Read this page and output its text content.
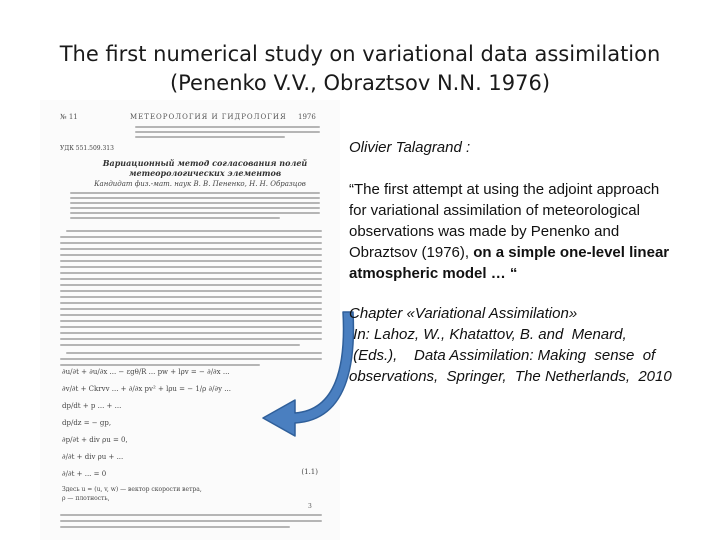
The first numerical study on variational data assimilation
(Penenko V.V., Obraztsov N.N. 1976)
№ 11	МЕТЕОРОЛОГИЯ И ГИДРОЛОГИЯ 1976
УДК 551.509.313
Вариационный метод согласования полей
метеорологических элементов
Кандидат физ.-мат. наук В. В. Пененко, Н. Н. Образцов
∂u/∂t + ∂u/∂x ... − εgθ/R ... pw + lρv = − ∂/∂x ...
∂v/∂t + Ckrvv ... + ∂/∂x pv² + lρu = − 1/ρ ∂/∂y ...
dp/dt + p ... + ...
dp/dz = − gp,
∂p/∂t + div ρu = 0,
∂/∂t + div ρu + ...
∂/∂t + ... = 0	(1.1)
Здесь u = (u, v, w) — вектор скорости ветра,
ρ — плотность,
3
Olivier Talagrand :
“The first attempt at using the adjoint approach
for variational assimilation of meteorological
observations was made by Penenko and
Obraztsov (1976), on a simple one-level linear
atmospheric model … “
Chapter «Variational Assimilation»
In: Lahoz, W., Khatattov, B. and  Menard,
(Eds.),    Data Assimilation: Making  sense  of
observations,  Springer,  The Netherlands,  2010
